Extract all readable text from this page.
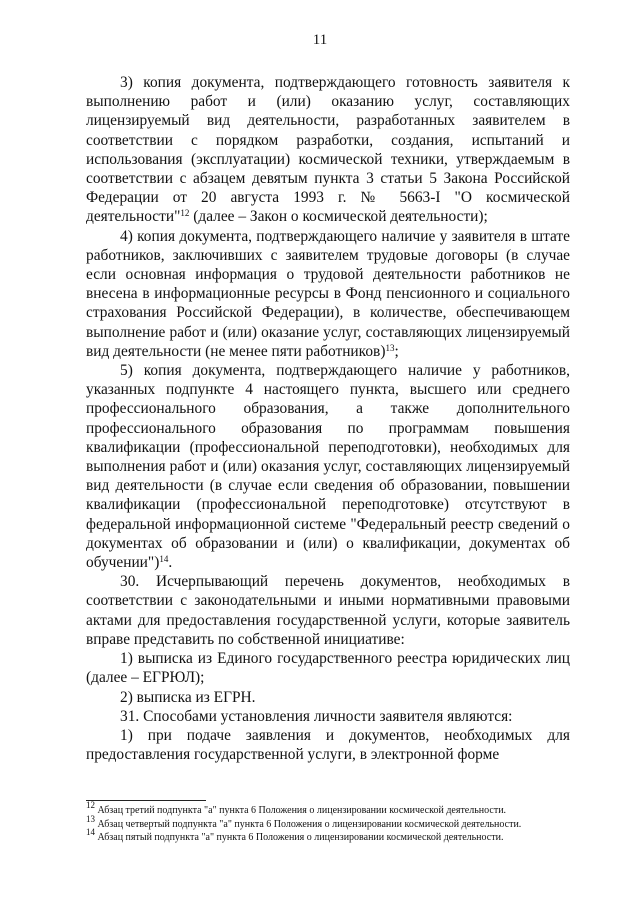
11

3) копия документа, подтверждающего готовность заявителя к выполнению работ и (или) оказанию услуг, составляющих лицензируемый вид деятельности, разработанных заявителем в соответствии с порядком разработки, создания, испытаний и использования (эксплуатации) космической техники, утверждаемым в соответствии с абзацем девятым пункта 3 статьи 5 Закона Российской Федерации от 20 августа 1993 г. № 5663-I "О космической деятельности"$^{12}$ (далее – Закон о космической деятельности);

4) копия документа, подтверждающего наличие у заявителя в штате работников, заключивших с заявителем трудовые договоры (в случае если основная информация о трудовой деятельности работников не внесена в информационные ресурсы в Фонд пенсионного и социального страхования Российской Федерации), в количестве, обеспечивающем выполнение работ и (или) оказание услуг, составляющих лицензируемый вид деятельности (не менее пяти работников)$^{13}$;

5) копия документа, подтверждающего наличие у работников, указанных подпункте 4 настоящего пункта, высшего или среднего профессионального образования, а также дополнительного профессионального образования по программам повышения квалификации (профессиональной переподготовки), необходимых для выполнения работ и (или) оказания услуг, составляющих лицензируемый вид деятельности (в случае если сведения об образовании, повышении квалификации (профессиональной переподготовке) отсутствуют в федеральной информационной системе "Федеральный реестр сведений о документах об образовании и (или) о квалификации, документах об обучении")$^{14}$.

30. Исчерпывающий перечень документов, необходимых в соответствии с законодательными и иными нормативными правовыми актами для предоставления государственной услуги, которые заявитель вправе представить по собственной инициативе:

1) выписка из Единого государственного реестра юридических лиц (далее – ЕГРЮЛ);

2) выписка из ЕГРН.

31. Способами установления личности заявителя являются:

1) при подаче заявления и документов, необходимых для предоставления государственной услуги, в электронной форме

$^{12}$ Абзац третий подпункта "а" пункта 6 Положения о лицензировании космической деятельности.

$^{13}$ Абзац четвертый подпункта "а" пункта 6 Положения о лицензировании космической деятельности.

$^{14}$ Абзац пятый подпункта "а" пункта 6 Положения о лицензировании космической деятельности.
